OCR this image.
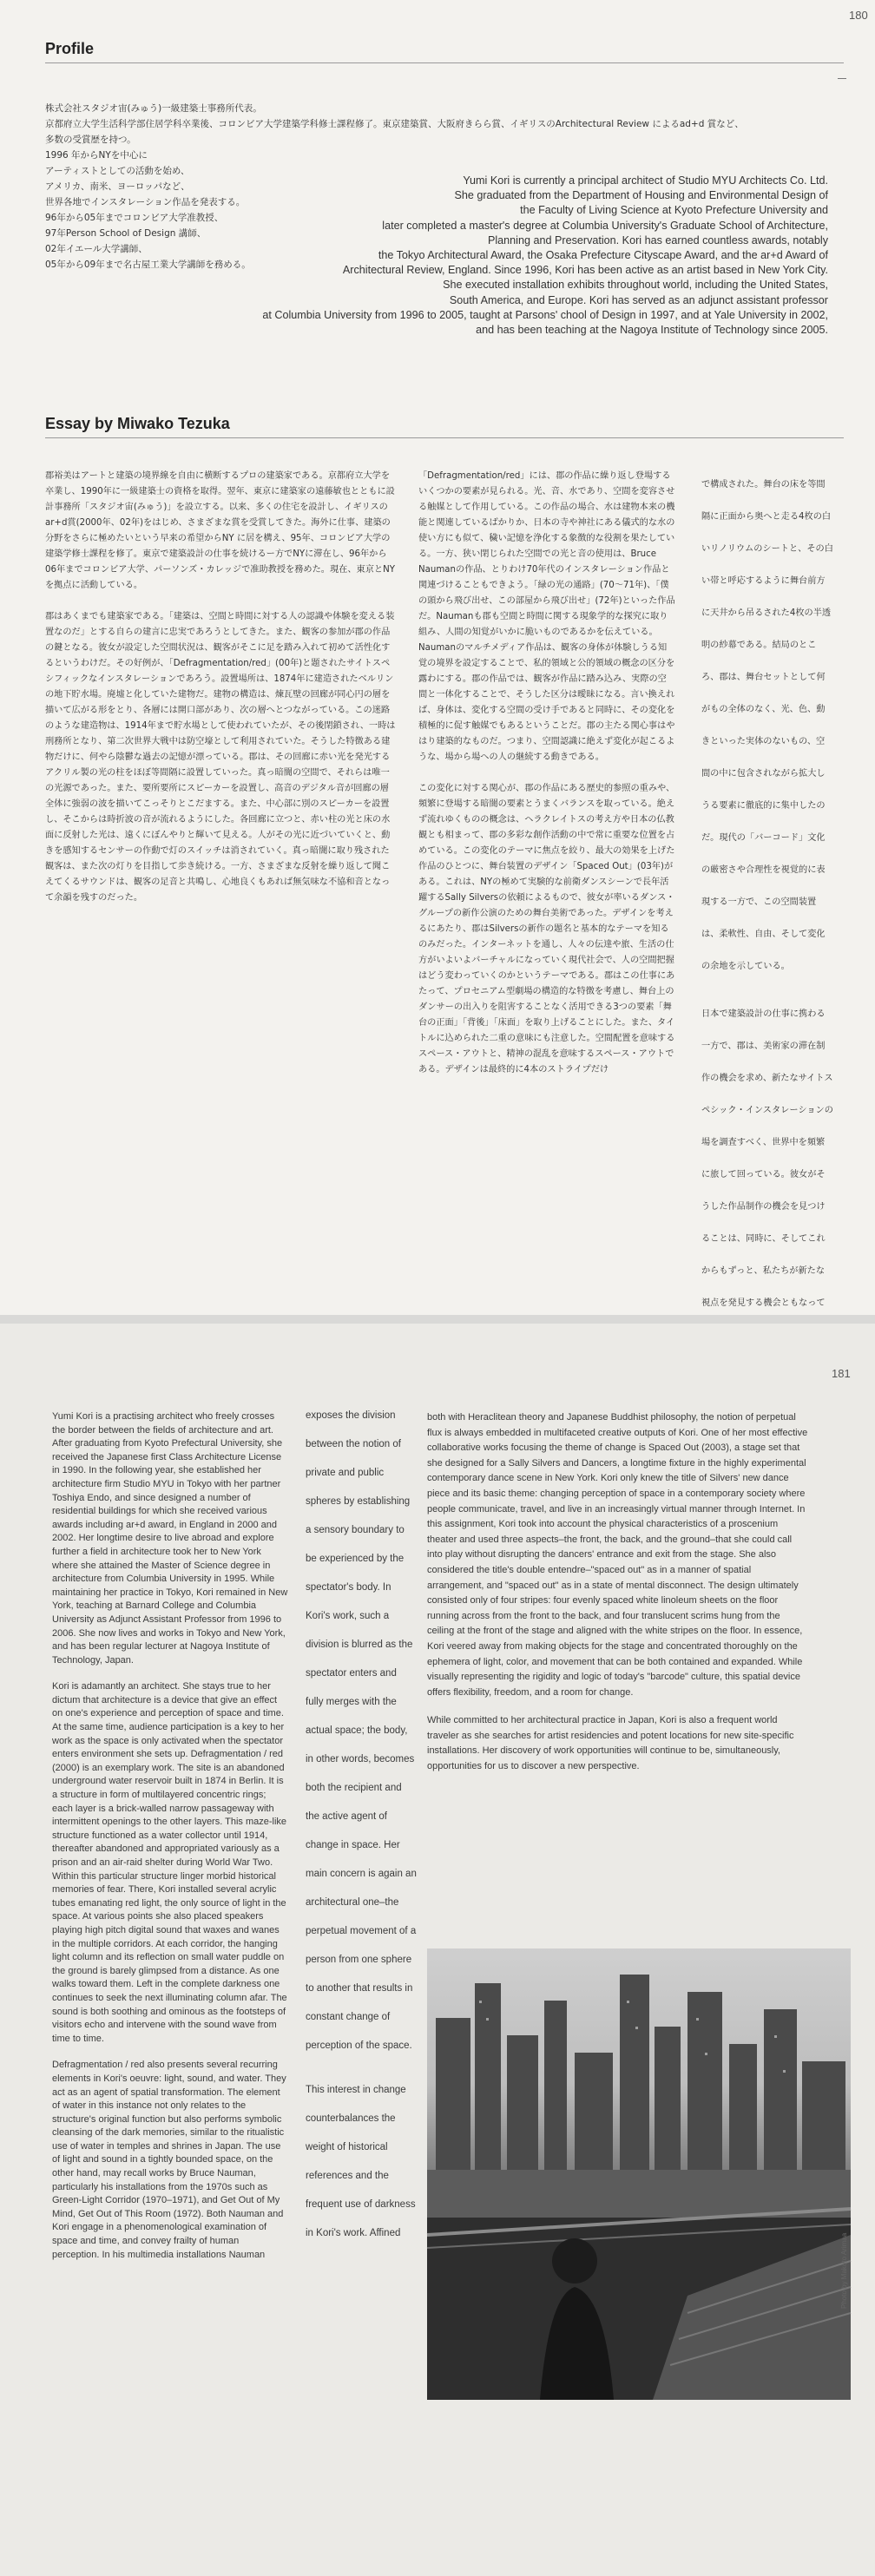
180
Profile
株式会社スタジオ宙(みゅう)一級建築士事務所代表。
京都府立大学生活科学部住居学科卒業後、コロンビア大学建築学科修士課程修了。東京建築賞、大阪府きらら賞、イギリスのArchitectural Review によるad+d 賞など、
多数の受賞歴を持つ。
1996 年からNYを中心に
アーティストとしての活動を始め、
アメリカ、南米、ヨーロッパなど、
世界各地でインスタレーション作品を発表する。
96年から05年までコロンビア大学准教授、
97年Person School of Design 講師、
02年イエール大学講師、
05年から09年まで名古屋工業大学講師を務める。
Yumi Kori is currently a principal architect of Studio MYU Architects Co. Ltd.
She graduated from the Department of Housing and Environmental Design of
the Faculty of Living Science at Kyoto Prefecture University and
later completed a master's degree at Columbia University's Graduate School of Architecture,
Planning and Preservation. Kori has earned countless awards, notably
the Tokyo Architectural Award, the Osaka Prefecture Cityscape Award, and the ar+d Award of
Architectural Review, England. Since 1996, Kori has been active as an artist based in New York City.
She executed installation exhibits throughout world, including the United States,
South America, and Europe. Kori has served as an adjunct assistant professor
at Columbia University from 1996 to 2005, taught at Parsons' chool of Design in 1997, and at Yale University in 2002,
and has been teaching at the Nagoya Institute of Technology since 2005.
Essay by Miwako Tezuka

郡裕美はアートと建築の境界線を自由に横断するプロの建築家である。京都府立大学を卒業し、1990年に一級建築士の資格を取得。翌年、東京に建築家の遠藤敏也とともに設計事務所「スタジオ宙(みゅう)」を設立する。以来、多くの住宅を設計し、イギリスのar+d賞(2000年、02年)をはじめ、さまざまな賞を受賞してきた。海外に仕事、建築の分野をさらに極めたいという早来の希望からNY に居を構え、95年、コロンビア大学の建築学修士課程を修了。東京で建築設計の仕事を続けるー方でNYに滞在し、96年から06年までコロンビア大学、パーソンズ・カレッジで准助教授を務めた。現在、東京とNYを拠点に活動している。

郡はあくまでも建築家である。「建築は、空間と時間に対する人の認識や体験を変える装置なのだ」とする自らの建言に忠実であろうとしてきた。また、観客の参加が郡の作品の鍵となる。彼女が設定した空間状況は、観客がそこに足を踏み入れて初めて活性化するというわけだ。その好例が、「Defragmentation/red」(00年)と題されたサイトスペシフィックなインスタレーションであろう。設置場所は、1874年に建造されたベルリンの地下貯水場。廃墟と化していた建物だ。建物の構造は、煉瓦壁の回廊が同心円の層を描いて広がる形をとり、各層には開口部があり、次の層へとつながっている。この迷路のような建造物は、1914年まで貯水場として使われていたが、その後閉鎖され、一時は刑務所となり、第二次世界大戦中は防空壕として利用されていた。そうした特徴ある建物だけに、何やら陰鬱な過去の記憶が漂っている。郡は、その回廊に赤い光を発光するアクリル製の光の柱をほぼ等間隔に設置していった。真っ暗闇の空間で、それらは唯一の光源であった。また、要所要所にスピーカーを設置し、高音のデジタル音が回廊の層全体に強弱の波を描いてこっそりとこだまする。また、中心部に別のスピーカーを設置し、そこからは時折波の音が流れるようにした。各回廊に立つと、赤い柱の光と床の水面に反射した光は、遠くにぼんやりと輝いて見える。人がその光に近づいていくと、動きを感知するセンサーの作動で灯のスイッチは消されていく。真っ暗闇に取り残された観客は、また次の灯りを目指して歩き続ける。一方、さまざまな反射を繰り返して聞こえてくるサウンドは、観客の足音と共鳴し、心地良くもあれば無気味な不協和音となって余韻を残すのだった。

「Defragmentation/red」には、郡の作品に繰り返し登場するいくつかの要素が見られる。光、音、水であり、空間を変容させる触媒として作用している。この作品の場合、水は建物本来の機能と関連しているばかりか、日本の寺や神社にある儀式的な水の使い方にも似て、穢い記憶を浄化する象徴的な役割を果たしている。一方、狭い閉じられた空間での光と音の使用は、Bruce Naumanの作品、とりわけ70年代のインスタレーション作品と関連づけることもできよう。「緑の光の通路」(70〜71年)、「僕の頭から飛び出せ、この部屋から飛び出せ」(72年)といった作品だ。Naumanも郡も空間と時間に関する現象学的な探究に取り組み、人間の知覚がいかに脆いものであるかを伝えている。Naumanのマルチメディア作品は、観客の身体が体験しうる知覚の境界を設定することで、私的領域と公的領域の概念の区分を露わにする。郡の作品では、観客が作品に踏み込み、実際の空間と一体化することで、そうした区分は曖昧になる。言い換えれば、身体は、変化する空間の受け手であると同時に、その変化を積極的に促す触媒でもあるということだ。郡の主たる関心事はやはり建築的なものだ。つまり、空間認識に絶えず変化が起こるような、場から場への人の継続する動きである。

この変化に対する関心が、郡の作品にある歴史的参照の重みや、頻繁に登場する暗闇の要素とうまくバランスを取っている。絶えず流れゆくものの概念は、ヘラクレイトスの考え方や日本の仏教観とも相まって、郡の多彩な創作活動の中で常に重要な位置を占めている。この変化のテーマに焦点を絞り、最大の効果を上げた作品のひとつに、舞台装置のデザイン「Spaced Out」(03年)がある。これは、NYの極めて実験的な前衛ダンスシーンで長年活躍するSally Silversの依頼によるもので、彼女が率いるダンス・グループの新作公演のための舞台美術であった。デザインを考えるにあたり、郡はSilversの新作の題名と基本的なテーマを知るのみだった。インターネットを通し、人々の伝達や旅、生活の仕方がいよいよバーチャルになっていく現代社会で、人の空間把握はどう変わっていくのかというテーマである。郡はこの仕事にあたって、プロセニアム型劇場の構造的な特徴を考慮し、舞台上のダンサーの出入りを阻害することなく活用できる3つの要素「舞台の正面」「背後」「床面」を取り上げることにした。また、タイトルに込められた二重の意味にも注意した。空間配置を意味するスペース・アウトと、精神の混乱を意味するスペース・アウトである。デザインは最終的に4本のストライプだけ

で構成された。舞台の床を等間隔に正面から奥へと走る4枚の白いリノリウムのシートと、その白い帯と呼応するように舞台前方に天井から吊るされた4枚の半透明の紗幕である。結局のところ、郡は、舞台セットとして何がもの全体のなく、光、色、動きといった実体のないもの、空間の中に包含されながら拡大しうる要素に徹底的に集中したのだ。現代の「バーコード」文化の厳密さや合理性を視覚的に表現する一方で、この空間装置は、柔軟性、自由、そして変化の余地を示している。

日本で建築設計の仕事に携わる一方で、郡は、美術家の滞在制作の機会を求め、新たなサイトスペシック・インスタレーションの場を調査すべく、世界中を頻繁に旅して回っている。彼女がそうした作品制作の機会を見つけることは、同時に、そしてこれからもずっと、私たちが新たな視点を発見する機会ともなって

181

Yumi Kori is a practising architect who freely crosses the border between the fields of architecture and art. After graduating from Kyoto Prefectural University, she received the Japanese first Class Architecture License in 1990. In the following year, she established her architecture firm Studio MYU in Tokyo with her partner Toshiya Endo, and since designed a number of residential buildings for which she received various awards including ar+d award, in England in 2000 and 2002. Her longtime desire to live abroad and explore further a field in architecture took her to New York where she attained the Master of Science degree in architecture from Columbia University in 1995. While maintaining her practice in Tokyo, Kori remained in New York, teaching at Barnard College and Columbia University as Adjunct Assistant Professor from 1996 to 2006. She now lives and works in Tokyo and New York, and has been regular lecturer at Nagoya Institute of Technology, Japan.

Kori is adamantly an architect. She stays true to her dictum that architecture is a device that give an effect on one's experience and perception of space and time. At the same time, audience participation is a key to her work as the space is only activated when the spectator enters environment she sets up. Defragmentation / red (2000) is an exemplary work. The site is an abandoned underground water reservoir built in 1874 in Berlin. It is a structure in form of multilayered concentric rings; each layer is a brick-walled narrow passageway with intermittent openings to the other layers. This maze-like structure functioned as a water collector until 1914, thereafter abandoned and appropriated variously as a prison and an air-raid shelter during World War Two. Within this particular structure linger morbid historical memories of fear. There, Kori installed several acrylic tubes emanating red light, the only source of light in the space. At various points she also placed speakers playing high pitch digital sound that waxes and wanes in the multiple corridors. At each corridor, the hanging light column and its reflection on small water puddle on the ground is barely glimpsed from a distance. As one walks toward them. Left in the complete darkness one continues to seek the next illuminating column afar. The sound is both soothing and ominous as the footsteps of visitors echo and intervene with the sound wave from time to time.

Defragmentation / red also presents several recurring elements in Kori's oeuvre: light, sound, and water. They act as an agent of spatial transformation. The element of water in this instance not only relates to the structure's original function but also performs symbolic cleansing of the dark memories, similar to the ritualistic use of water in temples and shrines in Japan. The use of light and sound in a tightly bounded space, on the other hand, may recall works by Bruce Nauman, particularly his installations from the 1970s such as Green-Light Corridor (1970–1971), and Get Out of My Mind, Get Out of This Room (1972). Both Nauman and Kori engage in a phenomenological examination of space and time, and convey frailty of human perception. In his multimedia installations Nauman

exposes the division between the notion of private and public spheres by establishing a sensory boundary to be experienced by the spectator's body. In Kori's work, such a division is blurred as the spectator enters and fully merges with the actual space; the body, in other words, becomes both the recipient and the active agent of change in space. Her main concern is again an architectural one–the perpetual movement of a person from one sphere to another that results in constant change of perception of the space.

This interest in change counterbalances the weight of historical references and the frequent use of darkness in Kori's work. Affined

both with Heraclitean theory and Japanese Buddhist philosophy, the notion of perpetual flux is always embedded in multifaceted creative outputs of Kori. One of her most effective collaborative works focusing the theme of change is Spaced Out (2003), a stage set that she designed for a Sally Silvers and Dancers, a longtime fixture in the highly experimental contemporary dance scene in New York. Kori only knew the title of Silvers' new dance piece and its basic theme: changing perception of space in a contemporary society where people communicate, travel, and live in an increasingly virtual manner through Internet. In this assignment, Kori took into account the physical characteristics of a proscenium theater and used three aspects–the front, the back, and the ground–that she could call into play without disrupting the dancers' entrance and exit from the stage. She also considered the title's double entendre–"spaced out" as in a manner of spatial arrangement, and "spaced out" as in a state of mental disconnect. The design ultimately consisted only of four stripes: four evenly spaced white linoleum sheets on the floor running across from the front to the back, and four translucent scrims hung from the ceiling at the front of the stage and aligned with the white stripes on the floor. In essence, Kori veered away from making objects for the stage and concentrated thoroughly on the ephemera of light, color, and movement that can be both contained and expanded. While visually representing the rigidity and logic of today's "barcode" culture, this spatial device offers flexibility, freedom, and a room for change.

While committed to her architectural practice in Japan, Kori is also a frequent world traveler as she searches for artist residencies and potent locations for new site-specific installations. Her discovery of work opportunities will continue to be, simultaneously, opportunities for us to discover a new perspective.

Photo by Makoto Arimaa
